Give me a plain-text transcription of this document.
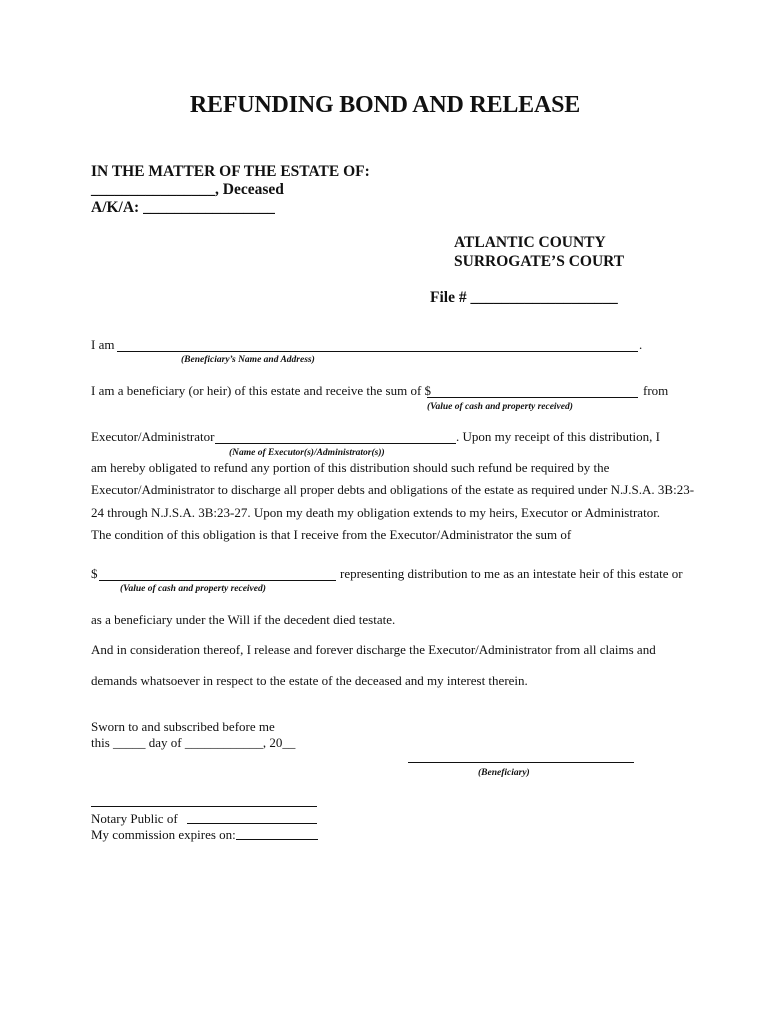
REFUNDING BOND AND RELEASE
IN THE MATTER OF THE ESTATE OF:
________________, Deceased
A/K/A: _________________
ATLANTIC COUNTY
SURROGATE’S COURT
File # ___________________
I am	.
(Beneficiary’s Name and Address)
I am a beneficiary (or heir) of this estate and receive the sum of $	from
(Value of cash and property received)
Executor/Administrator	. Upon my receipt of this distribution, I
(Name of Executor(s)/Administrator(s))
am hereby obligated to refund any portion of this distribution should such refund be required by the
Executor/Administrator to discharge all proper debts and obligations of the estate as required under N.J.S.A. 3B:23-
24 through N.J.S.A. 3B:23-27. Upon my death my obligation extends to my heirs, Executor or Administrator.
The condition of this obligation is that I receive from the Executor/Administrator the sum of
$	representing distribution to me as an intestate heir of this estate or
(Value of cash and property received)
as a beneficiary under the Will if the decedent died testate.
And in consideration thereof, I release and forever discharge the Executor/Administrator from all claims and
demands whatsoever in respect to the estate of the deceased and my interest therein.
Sworn to and subscribed before me
this _____ day of ____________, 20__
(Beneficiary)
Notary Public of
My commission expires on:
